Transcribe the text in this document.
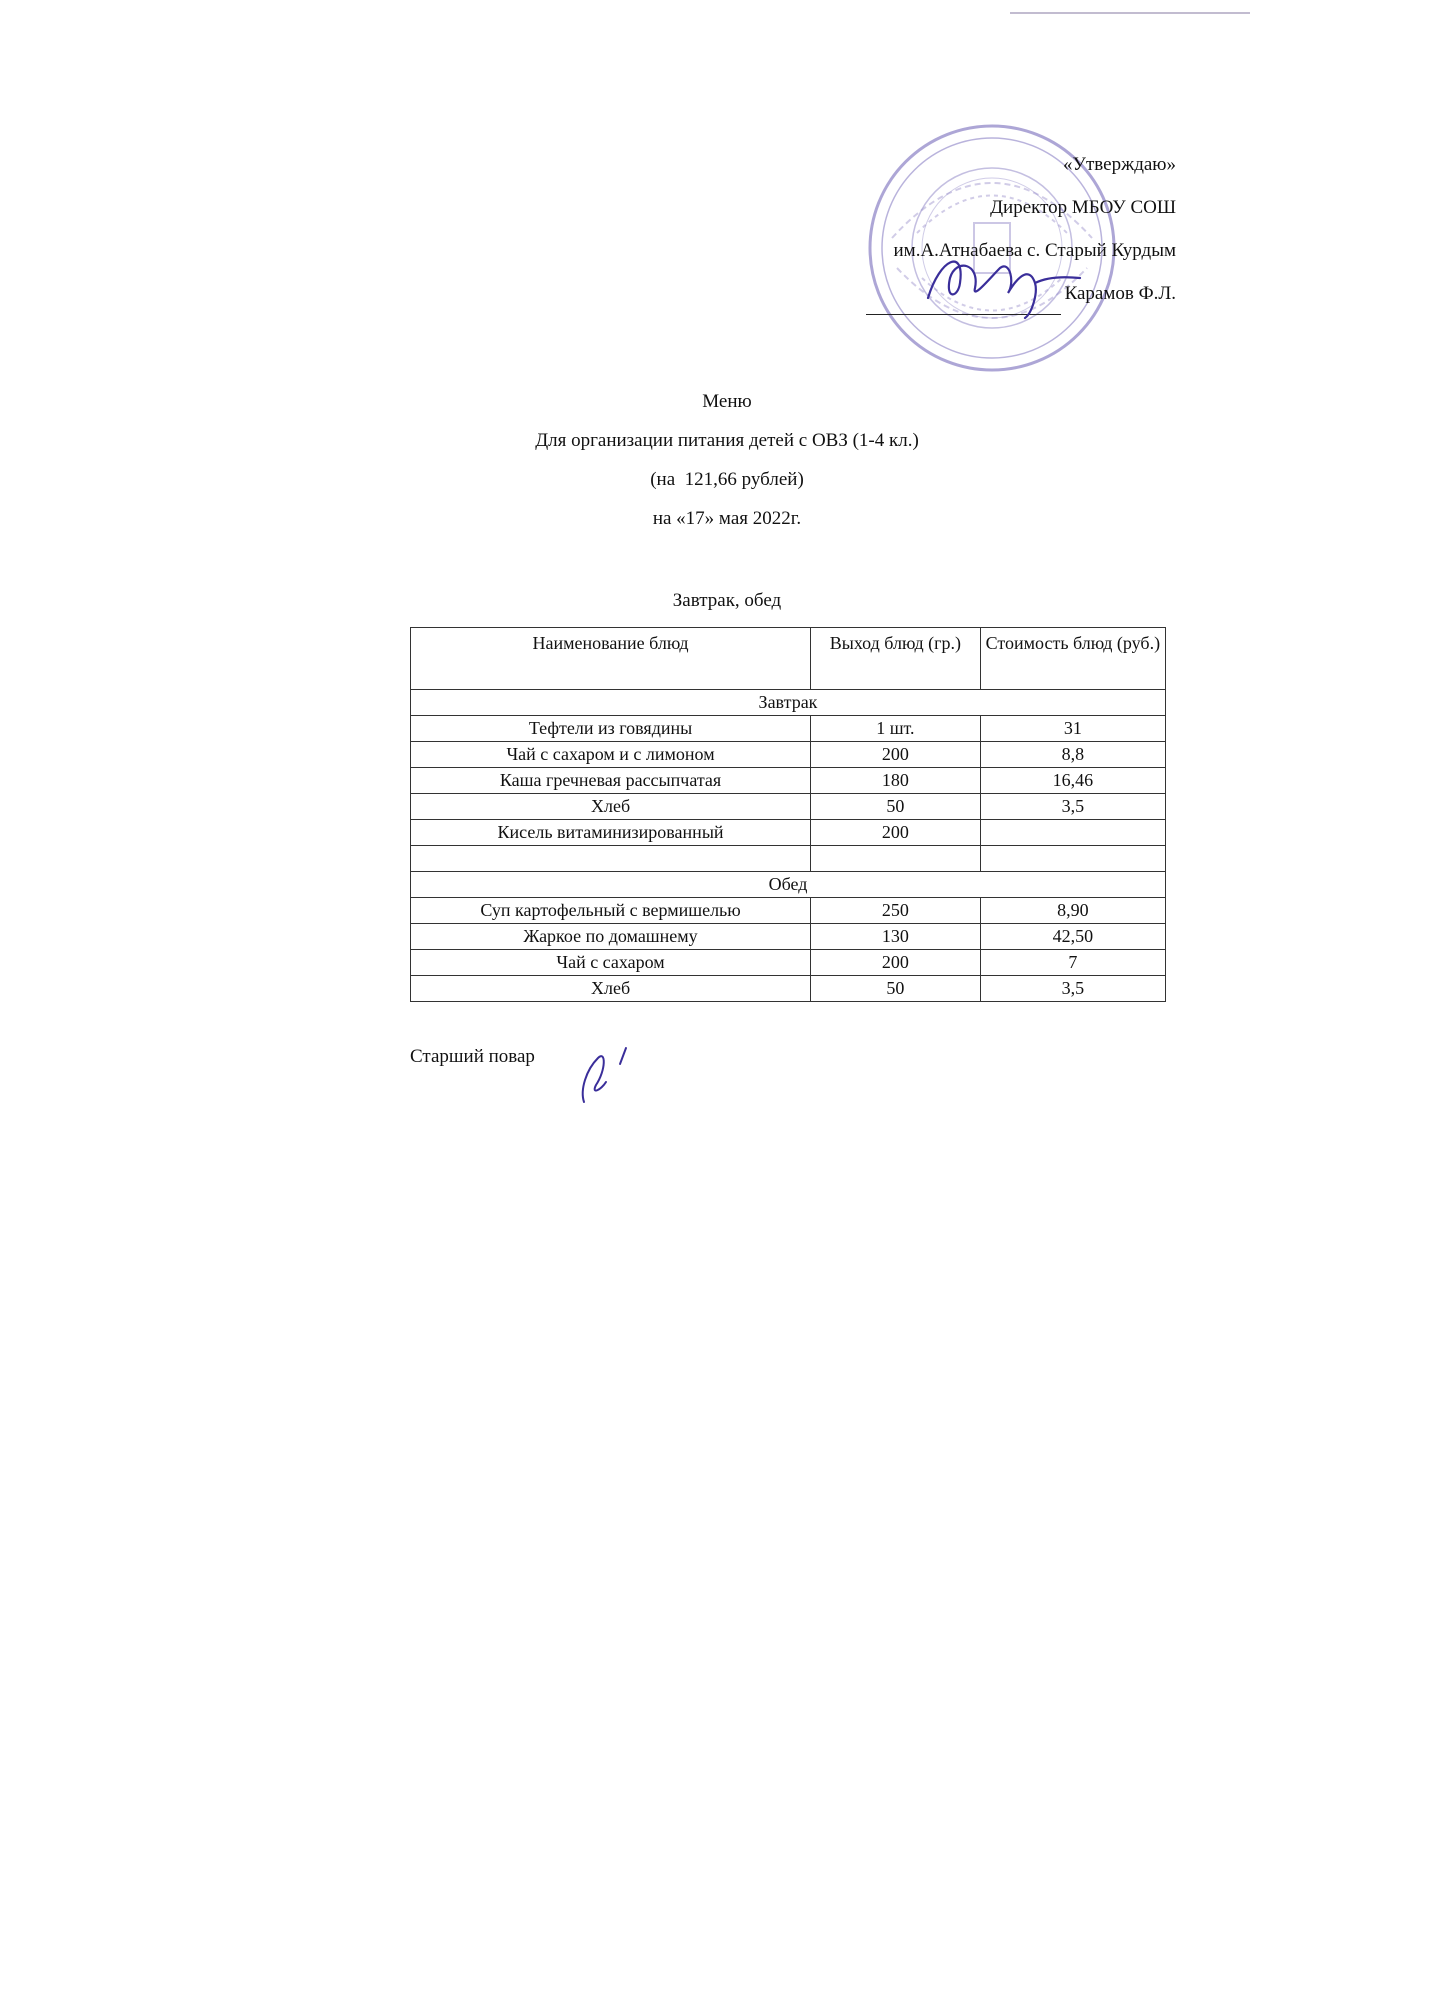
«Утверждаю»
Директор МБОУ СОШ
им.А.Атнабаева с. Старый Курдым
Карамов Ф.Л.
Меню
Для организации питания детей с ОВЗ (1-4 кл.)
(на  121,66 рублей)
на «17» мая 2022г.
Завтрак, обед
Наименование блюд	Выход блюд (гр.)	Стоимость блюд (руб.)
Завтрак		
Тефтели из говядины	1 шт.	31
Чай с сахаром и с лимоном	200	8,8
Каша гречневая рассыпчатая	180	16,46
Хлеб	50	3,5
Кисель витаминизированный	200	

Обед		
Суп картофельный с вермишелью	250	8,90
Жаркое по домашнему	130	42,50
Чай с сахаром	200	7
Хлеб	50	3,5
Старший повар
